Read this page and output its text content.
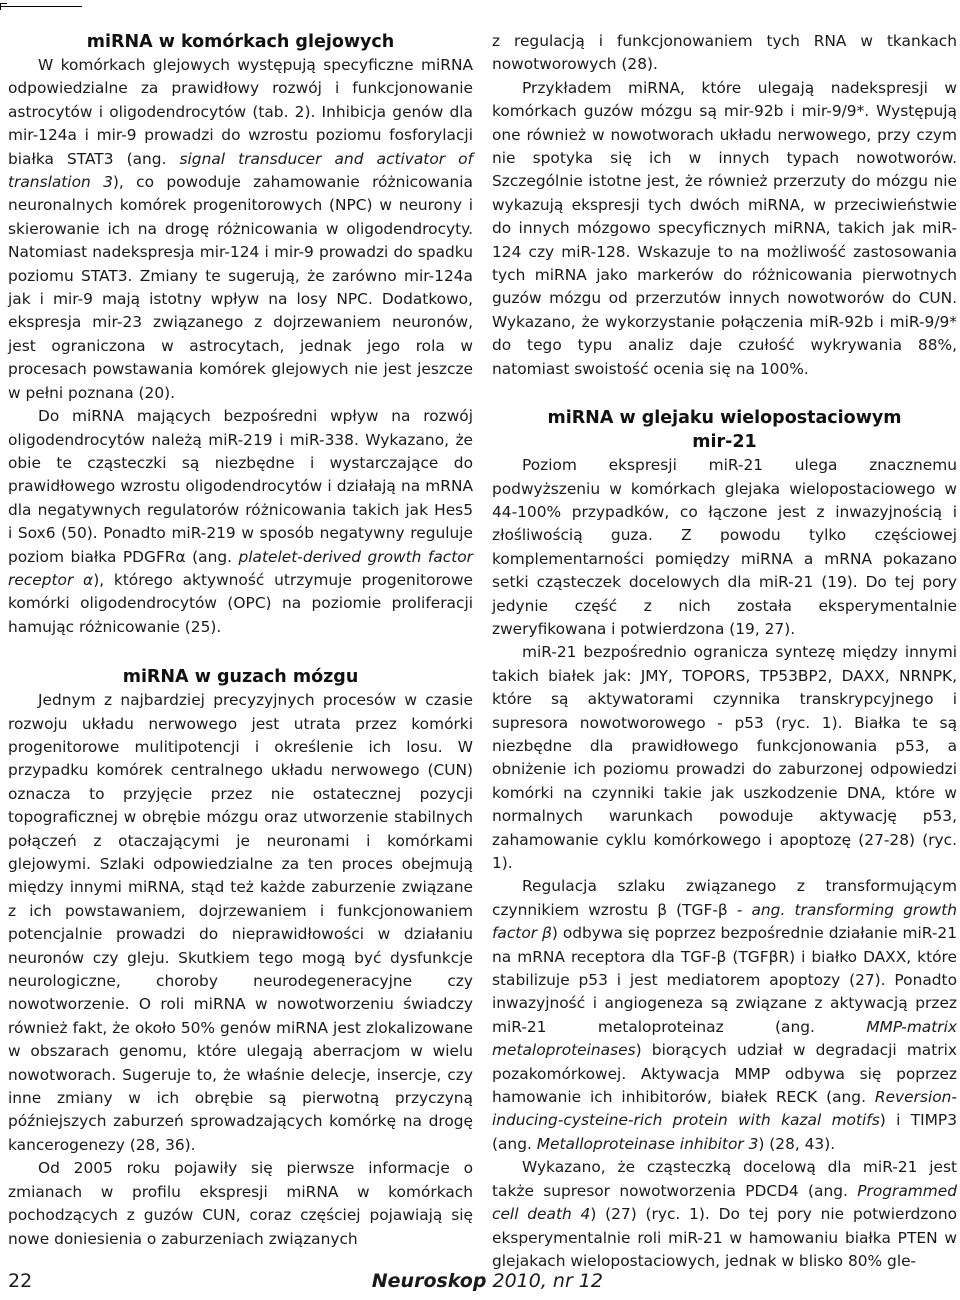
miRNA w komórkach glejowych

W komórkach glejowych występują specyficzne miRNA odpowiedzialne za prawidłowy rozwój i funkcjonowanie astrocytów i oligodendrocytów (tab. 2). Inhibicja genów dla mir-124a i mir-9 prowadzi do wzrostu poziomu fosforylacji białka STAT3 (ang. signal transducer and activator of translation 3), co powoduje zahamowanie różnicowania neuronalnych komórek progenitorowych (NPC) w neurony i skierowanie ich na drogę różnicowania w oligodendrocyty. Natomiast nadekspresja mir-124 i mir-9 prowadzi do spadku poziomu STAT3. Zmiany te sugerują, że zarówno mir-124a jak i mir-9 mają istotny wpływ na losy NPC. Dodatkowo, ekspresja mir-23 związanego z dojrzewaniem neuronów, jest ograniczona w astrocytach, jednak jego rola w procesach powstawania komórek glejowych nie jest jeszcze w pełni poznana (20).

Do miRNA mających bezpośredni wpływ na rozwój oligodendrocytów należą miR-219 i miR-338. Wykazano, że obie te cząsteczki są niezbędne i wystarczające do prawidłowego wzrostu oligodendrocytów i działają na mRNA dla negatywnych regulatorów różnicowania takich jak Hes5 i Sox6 (50). Ponadto miR-219 w sposób negatywny reguluje poziom białka PDGFRα (ang. platelet-derived growth factor receptor α), którego aktywność utrzymuje progenitorowe komórki oligodendrocytów (OPC) na poziomie proliferacji hamując różnicowanie (25).

miRNA w guzach mózgu

Jednym z najbardziej precyzyjnych procesów w czasie rozwoju układu nerwowego jest utrata przez komórki progenitorowe mulitipotencji i określenie ich losu. W przypadku komórek centralnego układu nerwowego (CUN) oznacza to przyjęcie przez nie ostatecznej pozycji topograficznej w obrębie mózgu oraz utworzenie stabilnych połączeń z otaczającymi je neuronami i komórkami glejowymi. Szlaki odpowiedzialne za ten proces obejmują między innymi miRNA, stąd też każde zaburzenie związane z ich powstawaniem, dojrzewaniem i funkcjonowaniem potencjalnie prowadzi do nieprawidłowości w działaniu neuronów czy gleju. Skutkiem tego mogą być dysfunkcje neurologiczne, choroby neurodegeneracyjne czy nowotworzenie. O roli miRNA w nowotworzeniu świadczy również fakt, że około 50% genów miRNA jest zlokalizowane w obszarach genomu, które ulegają aberracjom w wielu nowotworach. Sugeruje to, że właśnie delecje, insercje, czy inne zmiany w ich obrębie są pierwotną przyczyną późniejszych zaburzeń sprowadzających komórkę na drogę kancerogenezy (28, 36).

Od 2005 roku pojawiły się pierwsze informacje o zmianach w profilu ekspresji miRNA w komórkach pochodzących z guzów CUN, coraz częściej pojawiają się nowe doniesienia o zaburzeniach związanych

z regulacją i funkcjonowaniem tych RNA w tkankach nowotworowych (28).

Przykładem miRNA, które ulegają nadekspresji w komórkach guzów mózgu są mir-92b i mir-9/9*. Występują one również w nowotworach układu nerwowego, przy czym nie spotyka się ich w innych typach nowotworów. Szczególnie istotne jest, że również przerzuty do mózgu nie wykazują ekspresji tych dwóch miRNA, w przeciwieństwie do innych mózgowo specyficznych miRNA, takich jak miR-124 czy miR-128. Wskazuje to na możliwość zastosowania tych miRNA jako markerów do różnicowania pierwotnych guzów mózgu od przerzutów innych nowotworów do CUN. Wykazano, że wykorzystanie połączenia miR-92b i miR-9/9* do tego typu analiz daje czułość wykrywania 88%, natomiast swoistość ocenia się na 100%.

miRNA w glejaku wielopostaciowym
mir-21

Poziom ekspresji miR-21 ulega znacznemu podwyższeniu w komórkach glejaka wielopostaciowego w 44-100% przypadków, co łączone jest z inwazyjnością i złośliwością guza. Z powodu tylko częściowej komplementarności pomiędzy miRNA a mRNA pokazano setki cząsteczek docelowych dla miR-21 (19). Do tej pory jedynie część z nich została eksperymentalnie zweryfikowana i potwierdzona (19, 27).

miR-21 bezpośrednio ogranicza syntezę między innymi takich białek jak: JMY, TOPORS, TP53BP2, DAXX, NRNPK, które są aktywatorami czynnika transkrypcyjnego i supresora nowotworowego - p53 (ryc. 1). Białka te są niezbędne dla prawidłowego funkcjonowania p53, a obniżenie ich poziomu prowadzi do zaburzonej odpowiedzi komórki na czynniki takie jak uszkodzenie DNA, które w normalnych warunkach powoduje aktywację p53, zahamowanie cyklu komórkowego i apoptozę (27-28) (ryc. 1).

Regulacja szlaku związanego z transformującym czynnikiem wzrostu β (TGF-β - ang. transforming growth factor β) odbywa się poprzez bezpośrednie działanie miR-21 na mRNA receptora dla TGF-β (TGFβR) i białko DAXX, które stabilizuje p53 i jest mediatorem apoptozy (27). Ponadto inwazyjność i angiogeneza są związane z aktywacją przez miR-21 metaloproteinaz (ang.	MMP-matrix metaloproteinases) biorących udział w degradacji matrix pozakomórkowej. Aktywacja MMP odbywa się poprzez hamowanie ich inhibitorów, białek RECK (ang. Reversion-inducing-cysteine-rich protein with kazal motifs) i TIMP3 (ang. Metalloproteinase inhibitor 3) (28, 43).

Wykazano, że cząsteczką docelową dla miR-21 jest także supresor nowotworzenia PDCD4 (ang. Programmed cell death 4) (27) (ryc. 1). Do tej pory nie potwierdzono eksperymentalnie roli miR-21 w hamowaniu białka PTEN w glejakach wielopostaciowych, jednak w blisko 80% gle-

22	Neuroskop 2010, nr 12
